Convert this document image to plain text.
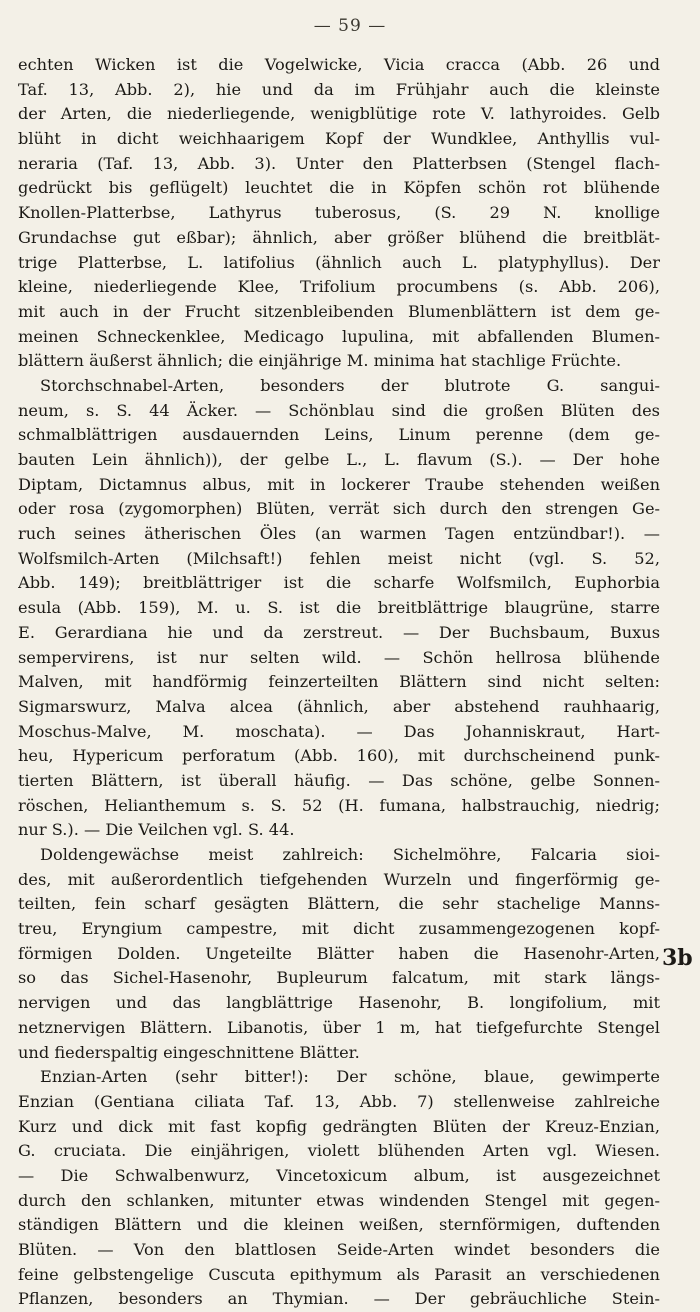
— 59 —
echten Wicken ist die Vogelwicke, Vicia cracca (Abb. 26 und
Taf. 13, Abb. 2), hie und da im Frühjahr auch die kleinste
der Arten, die niederliegende, wenigblütige rote V. lathyroides. Gelb
blüht in dicht weichhaarigem Kopf der Wundklee, Anthyllis vul-
neraria (Taf. 13, Abb. 3). Unter den Platterbsen (Stengel flach-
gedrückt bis geflügelt) leuchtet die in Köpfen schön rot blühende
Knollen-Platterbse, Lathyrus tuberosus, (S. 29 N. knollige
Grundachse gut eßbar); ähnlich, aber größer blühend die breitblät-
trige Platterbse, L. latifolius (ähnlich auch L. platyphyllus). Der
kleine, niederliegende Klee, Trifolium procumbens (s. Abb. 206),
mit auch in der Frucht sitzenbleibenden Blumenblättern ist dem ge-
meinen Schneckenklee, Medicago lupulina, mit abfallenden Blumen-
blättern äußerst ähnlich; die einjährige M. minima hat stachlige Früchte.
Storchschnabel-Arten, besonders der blutrote G. sangui-
neum, s. S. 44 Äcker. — Schönblau sind die großen Blüten des
schmalblättrigen ausdauernden Leins, Linum perenne (dem ge-
bauten Lein ähnlich)), der gelbe L., L. flavum (S.). — Der hohe
Diptam, Dictamnus albus, mit in lockerer Traube stehenden weißen
oder rosa (zygomorphen) Blüten, verrät sich durch den strengen Ge-
ruch seines ätherischen Öles (an warmen Tagen entzündbar!). —
Wolfsmilch-Arten (Milchsaft!) fehlen meist nicht (vgl. S. 52,
Abb. 149); breitblättriger ist die scharfe Wolfsmilch, Euphorbia
esula (Abb. 159), M. u. S. ist die breitblättrige blaugrüne, starre
E. Gerardiana hie und da zerstreut. — Der Buchsbaum, Buxus
sempervirens, ist nur selten wild. — Schön hellrosa blühende
Malven, mit handförmig feinzerteilten Blättern sind nicht selten:
Sigmarswurz, Malva alcea (ähnlich, aber abstehend rauhhaarig,
Moschus-Malve, M. moschata). — Das Johanniskraut, Hart-
heu, Hypericum perforatum (Abb. 160), mit durchscheinend punk-
tierten Blättern, ist überall häufig. — Das schöne, gelbe Sonnen-
röschen, Helianthemum s. S. 52 (H. fumana, halbstrauchig, niedrig;
nur S.). — Die Veilchen vgl. S. 44.
Doldengewächse meist zahlreich: Sichelmöhre, Falcaria sioi-
des, mit außerordentlich tiefgehenden Wurzeln und fingerförmig ge-
teilten, fein scharf gesägten Blättern, die sehr stachelige Manns-
treu, Eryngium campestre, mit dicht zusammengezogenen kopf-
förmigen Dolden. Ungeteilte Blätter haben die Hasenohr-Arten,
so das Sichel-Hasenohr, Bupleurum falcatum, mit stark längs-
nervigen und das langblättrige Hasenohr, B. longifolium, mit
netznervigen Blättern. Libanotis, über 1 m, hat tiefgefurchte Stengel
und fiederspaltig eingeschnittene Blätter.
Enzian-Arten (sehr bitter!): Der schöne, blaue, gewimperte
Enzian (Gentiana ciliata Taf. 13, Abb. 7) stellenweise zahlreiche
Kurz und dick mit fast kopfig gedrängten Blüten der Kreuz-Enzian,
G. cruciata. Die einjährigen, violett blühenden Arten vgl. Wiesen.
— Die Schwalbenwurz, Vincetoxicum album, ist ausgezeichnet
durch den schlanken, mitunter etwas windenden Stengel mit gegen-
ständigen Blättern und die kleinen weißen, sternförmigen, duftenden
Blüten. — Von den blattlosen Seide-Arten windet besonders die
feine gelbstengelige Cuscuta epithymum als Parasit an verschiedenen
Pflanzen, besonders an Thymian. — Der gebräuchliche Stein-
3b
